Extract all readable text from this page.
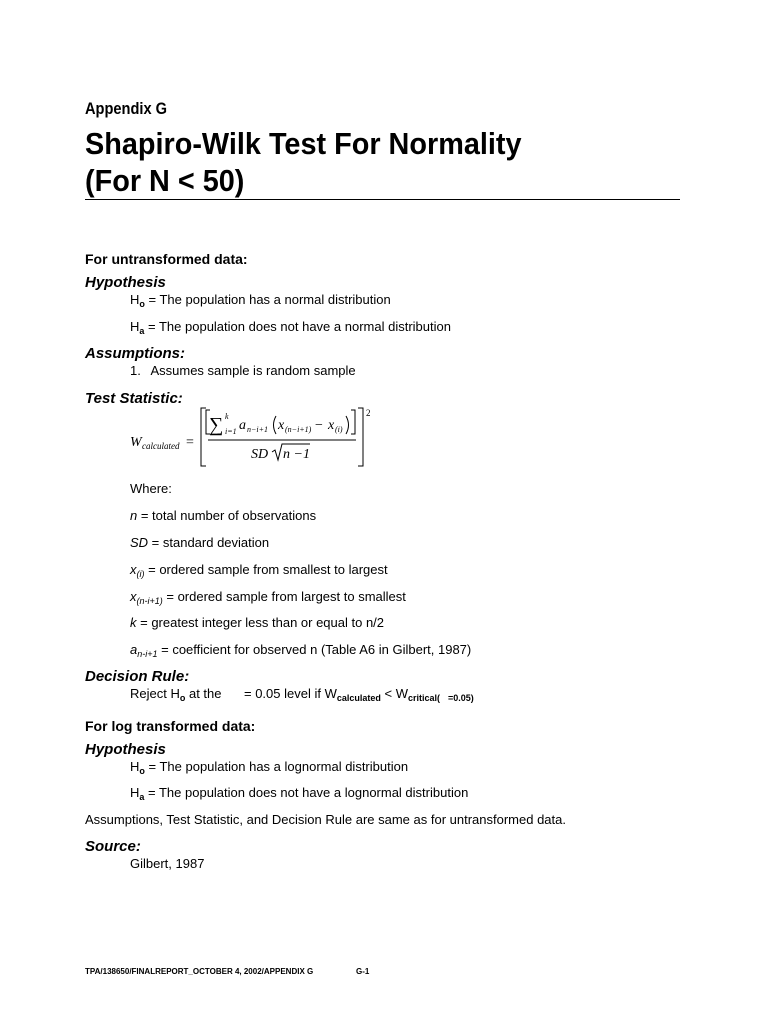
Appendix G
Shapiro-Wilk Test For Normality
(For N < 50)
For untransformed data:
Hypothesis
$H_o$ = The population has a normal distribution
$H_a$ = The population does not have a normal distribution
Assumptions:
1. Assumes sample is random sample
Test Statistic:
W calculated =
∑ k
i=1 a n−i+1 x (n−i+1) − x (i)
SD n −1
2
Where:
n = total number of observations
SD = standard deviation
$x_{(i)}$ = ordered sample from smallest to largest
$x_{(n-i+1)}$ = ordered sample from largest to smallest
k = greatest integer less than or equal to n/2
$a_{n-i+1}$ = coefficient for observed n (Table A6 in Gilbert, 1987)
Decision Rule:
Reject $H_o$ at the = 0.05 level if $W_{calculated} < W_{critical(}$ $_{=0.05)}$
For log transformed data:
Hypothesis
$H_o$ = The population has a lognormal distribution
$H_a$ = The population does not have a lognormal distribution
Assumptions, Test Statistic, and Decision Rule are same as for untransformed data.
Source:
Gilbert, 1987
TPA/138650/FINALREPORT_OCTOBER 4, 2002/APPENDIX G	G-1
